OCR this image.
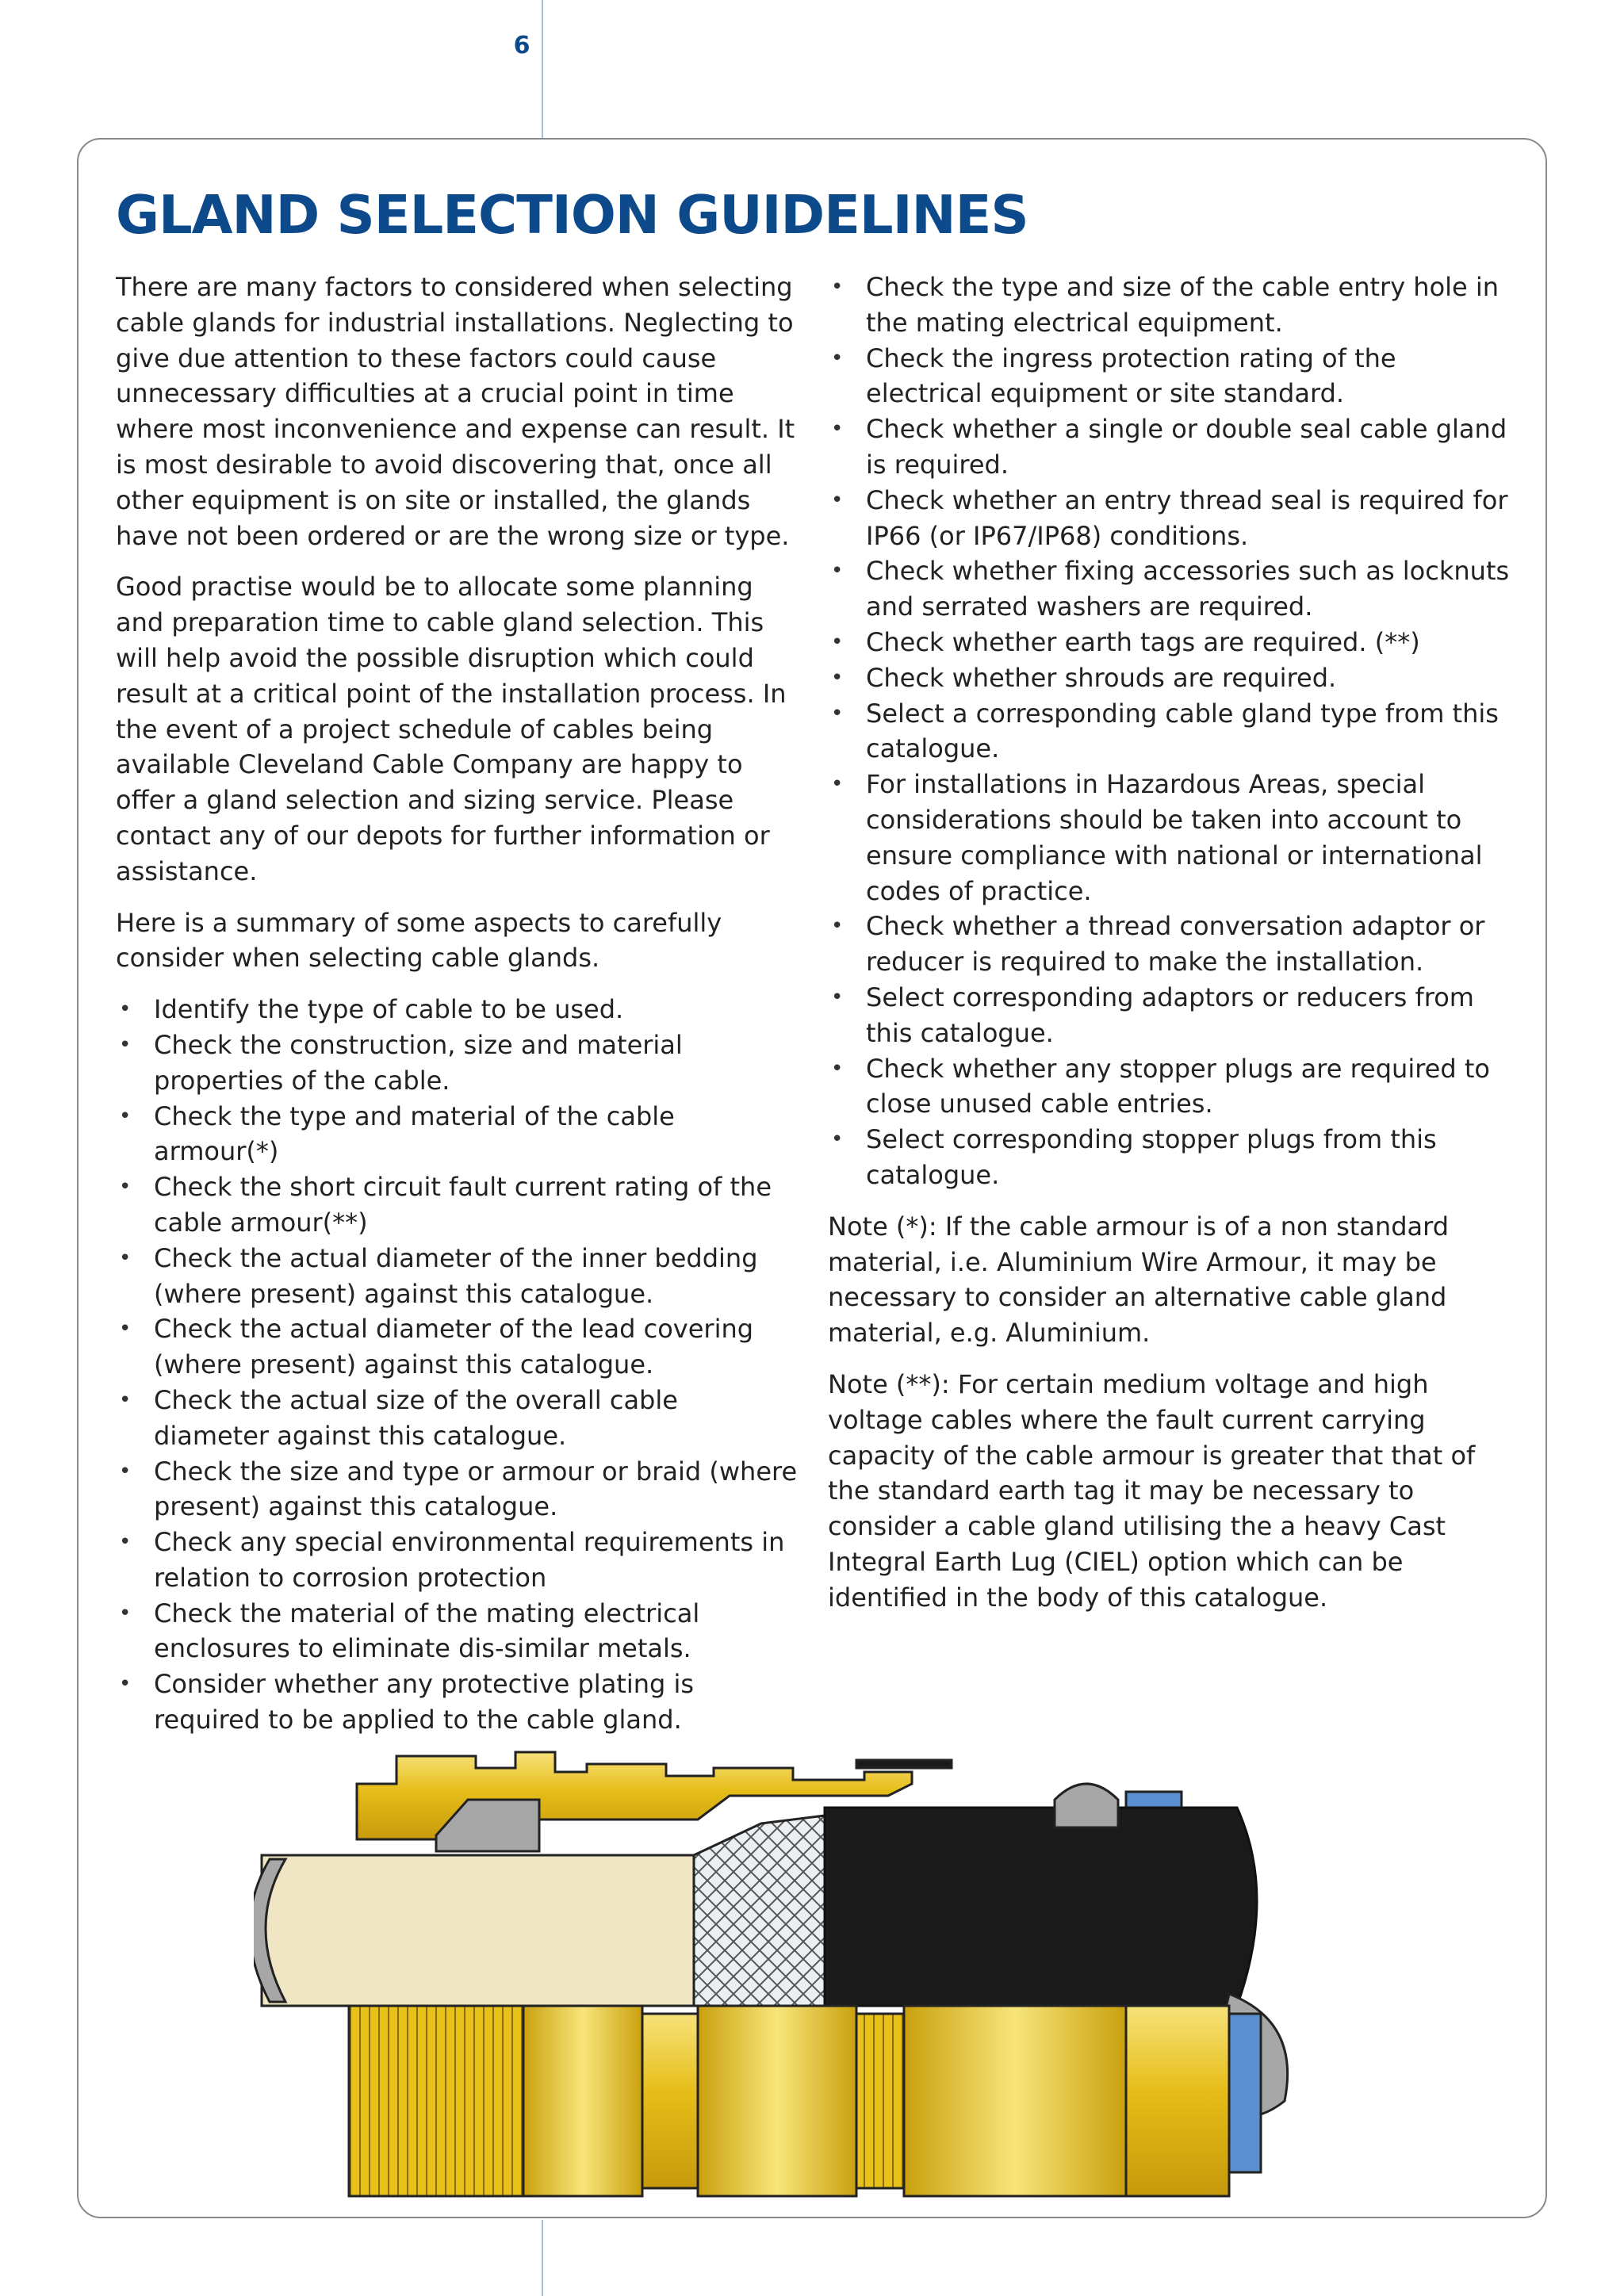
6
GLAND SELECTION GUIDELINES

There are many factors to considered when selecting cable glands for industrial installations. Neglecting to give due attention to these factors could cause unnecessary difficulties at a crucial point in time where most inconvenience and expense can result. It is most desirable to avoid discovering that, once all other equipment is on site or installed, the glands have not been ordered or are the wrong size or type.

Good practise would be to allocate some planning and preparation time to cable gland selection. This will help avoid the possible disruption which could result at a critical point of the installation process. In the event of a project schedule of cables being available Cleveland Cable Company are happy to offer a gland selection and sizing service. Please contact any of our depots for further information or assistance.

Here is a summary of some aspects to carefully consider when selecting cable glands.

• Identify the type of cable to be used.
• Check the construction, size and material properties of the cable.
• Check the type and material of the cable armour(*)
• Check the short circuit fault current rating of the cable armour(**)
• Check the actual diameter of the inner bedding (where present) against this catalogue.
• Check the actual diameter of the lead covering (where present) against this catalogue.
• Check the actual size of the overall cable diameter against this catalogue.
• Check the size and type or armour or braid (where present) against this catalogue.
• Check any special environmental requirements in relation to corrosion protection
• Check the material of the mating electrical enclosures to eliminate dis-similar metals.
• Consider whether any protective plating is required to be applied to the cable gland.
• Check the type and size of the cable entry hole in the mating electrical equipment.
• Check the ingress protection rating of the electrical equipment or site standard.
• Check whether a single or double seal cable gland is required.
• Check whether an entry thread seal is required for IP66 (or IP67/IP68) conditions.
• Check whether fixing accessories such as locknuts and serrated washers are required.
• Check whether earth tags are required. (**)
• Check whether shrouds are required.
• Select a corresponding cable gland type from this catalogue.
• For installations in Hazardous Areas, special considerations should be taken into account to ensure compliance with national or international codes of practice.
• Check whether a thread conversation adaptor or reducer is required to make the installation.
• Select corresponding adaptors or reducers from this catalogue.
• Check whether any stopper plugs are required to close unused cable entries.
• Select corresponding stopper plugs from this catalogue.

Note (*): If the cable armour is of a non standard material, i.e. Aluminium Wire Armour, it may be necessary to consider an alternative cable gland material, e.g. Aluminium.

Note (**): For certain medium voltage and high voltage cables where the fault current carrying capacity of the cable armour is greater that that of the standard earth tag it may be necessary to consider a cable gland utilising the a heavy Cast Integral Earth Lug (CIEL) option which can be identified in the body of this catalogue.
